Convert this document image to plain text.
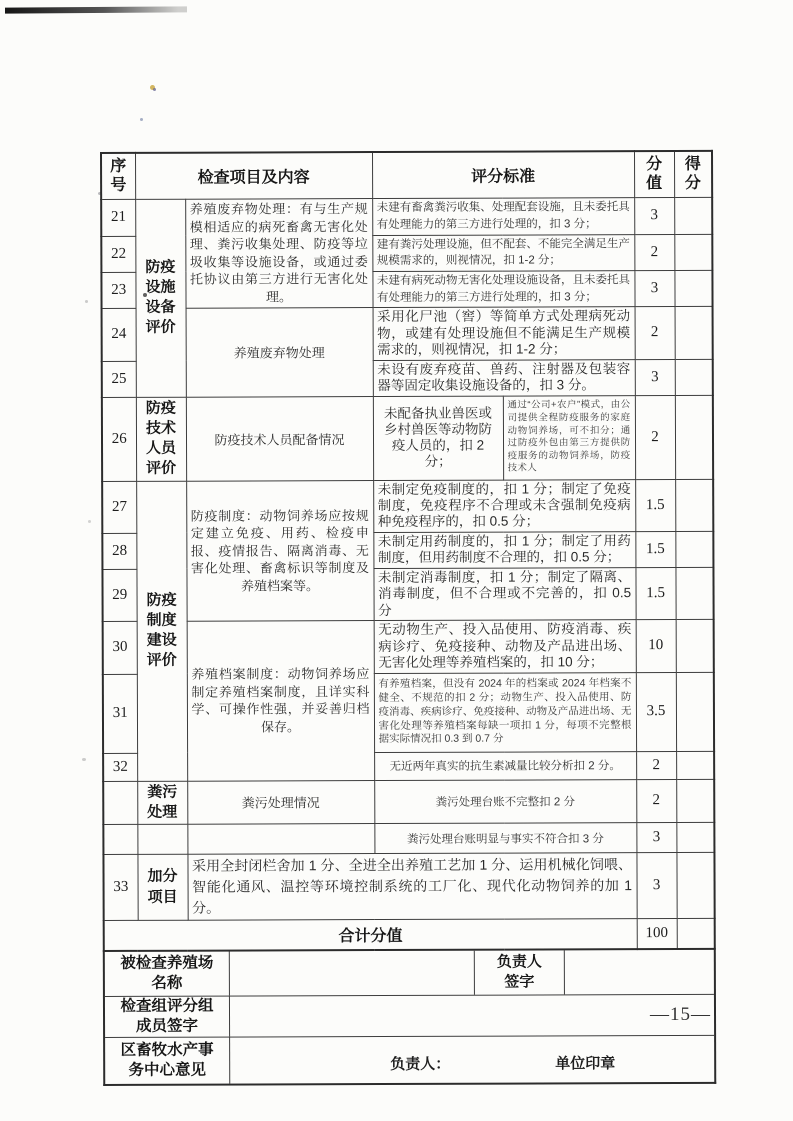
序号	检查项目及内容		评分标准		分值	得分

21	防疫设施设备评价	养殖废弃物处理：有与生产规模相适应的病死畜禽无害化处理、粪污收集处理、防疫等垃圾收集等设施设备，或通过委托协议由第三方进行无害化处理。	未建有畜禽粪污收集、处理配套设施，且未委托具有处理能力的第三方进行处理的，扣 3 分；		3	
22			建有粪污处理设施，但不配套、不能完全满足生产规模需求的，则视情况，扣 1-2 分；		2	
23			未建有病死动物无害化处理设施设备，且未委托具有处理能力的第三方进行处理的，扣 3 分；		3	
24		养殖废弃物处理	采用化尸池（窖）等简单方式处理病死动物，或建有处理设施但不能满足生产规模需求的，则视情况，扣 1-2 分；		2	
25			未设有废弃疫苗、兽药、注射器及包装容器等固定收集设施设备的，扣 3 分。		3	
26	防疫技术人员评价	防疫技术人员配备情况	未配备执业兽医或乡村兽医等动物防疫人员的，扣 2 分；	通过“公司+农户”模式，由公司提供全程防疫服务的家庭动物饲养场，可不扣分；通过防疫外包由第三方提供防疫服务的动物饲养场，防疫技术人	2	
27	防疫制度建设评价	防疫制度：动物饲养场应按规定建立免疫、用药、检疫申报、疫情报告、隔离消毒、无害化处理、畜禽标识等制度及养殖档案等。	未制定免疫制度的，扣 1 分；制定了免疫制度，免疫程序不合理或未含强制免疫病种免疫程序的，扣 0.5 分；		1.5	
28			未制定用药制度的，扣 1 分；制定了用药制度，但用药制度不合理的，扣 0.5 分；		1.5	
29			未制定消毒制度，扣 1 分；制定了隔离、消毒制度，但不合理或不完善的，扣 0.5 分		1.5	
30		养殖档案制度：动物饲养场应制定养殖档案制度，且详实科学、可操作性强，并妥善归档保存。	无动物生产、投入品使用、防疫消毒、疾病诊疗、免疫接种、动物及产品进出场、无害化处理等养殖档案的，扣 10 分；		10	
31			有养殖档案，但没有 2024 年的档案或 2024 年档案不健全、不规范的扣 2 分；动物生产、投入品使用、防疫消毒、疾病诊疗、免疫接种、动物及产品进出场、无害化处理等养殖档案每缺一项扣 1 分，每项不完整根据实际情况扣 0.3 到 0.7 分		3.5	
32			无近两年真实的抗生素减量比较分析扣 2 分。		2	

	粪污处理	粪污处理情况	粪污处理台账不完整扣 2 分		2	
			粪污处理台账明显与事实不符合扣 3 分		3	
33	加分项目	采用全封闭栏舍加 1 分、全进全出养殖工艺加 1 分、运用机械化饲喂、智能化通风、温控等环境控制系统的工厂化、现代化动物饲养的加 1 分。			3	
合计分值					100	
被检查养殖场名称
负责人签字
检查组评分组成员签字
区畜牧水产事务中心意见	负责人：	单位印章
—15—
